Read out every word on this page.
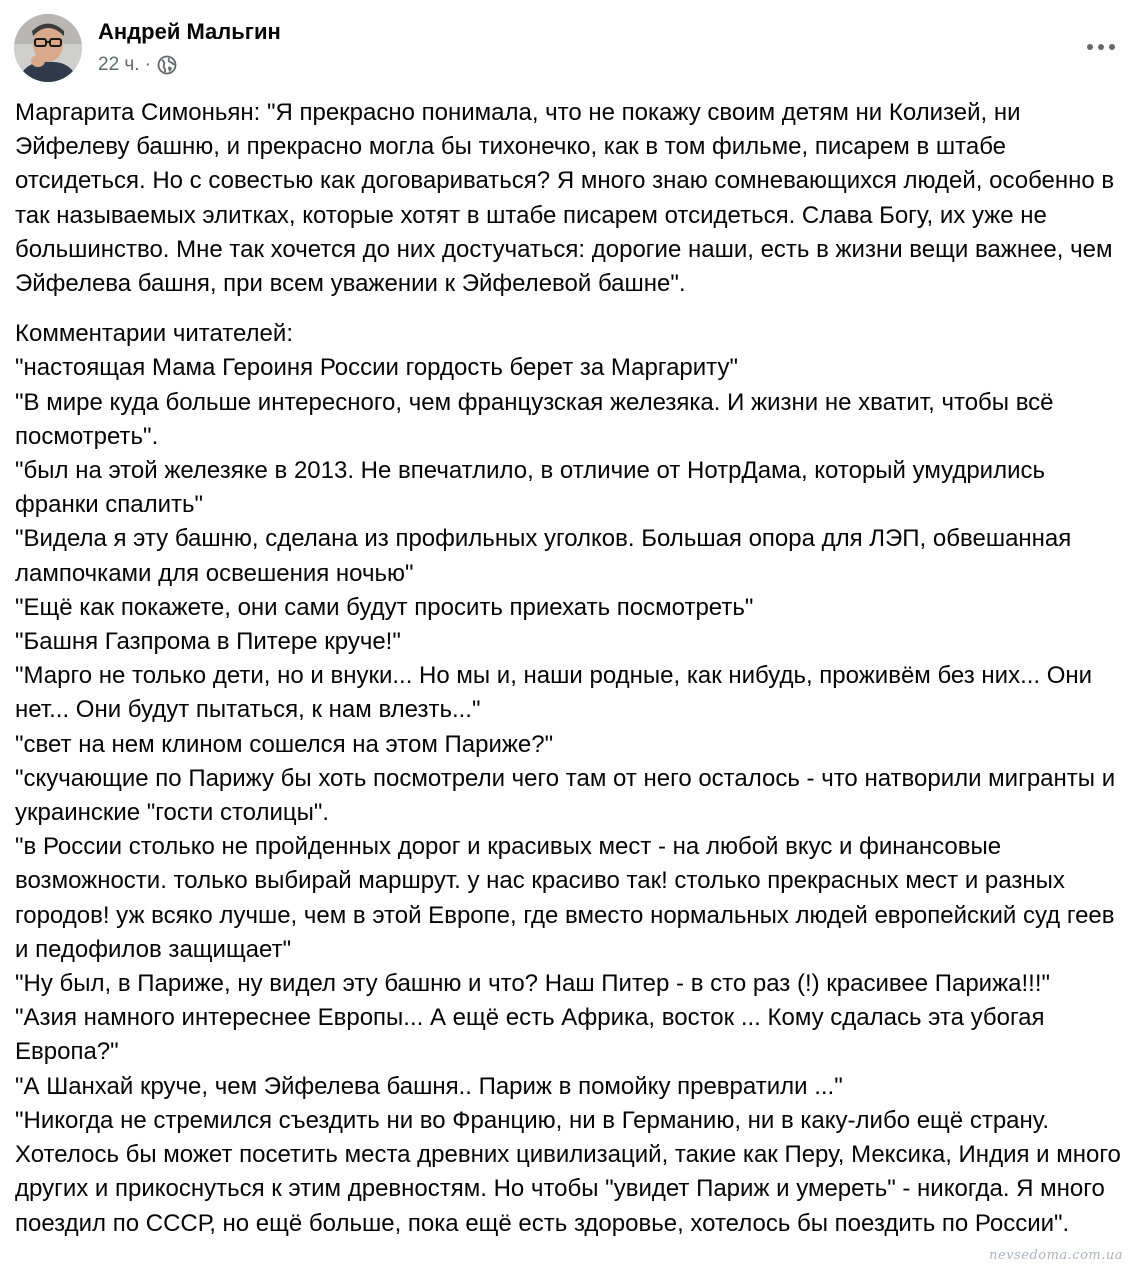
Андрей Мальгин
22 ч. ·

Маргарита Симоньян: "Я прекрасно понимала, что не покажу своим детям ни Колизей, ни Эйфелеву башню, и прекрасно могла бы тихонечко, как в том фильме, писарем в штабе отсидеться. Но с совестью как договариваться? Я много знаю сомневающихся людей, особенно в так называемых элитках, которые хотят в штабе писарем отсидеться. Слава Богу, их уже не большинство. Мне так хочется до них достучаться: дорогие наши, есть в жизни вещи важнее, чем Эйфелева башня, при всем уважении к Эйфелевой башне".

Комментарии читателей:

"настоящая Мама Героиня России гордость берет за Маргариту"

"В мире куда больше интересного, чем французская железяка. И жизни не хватит, чтобы всё посмотреть".

"был на этой железяке в 2013. Не впечатлило, в отличие от НотрДама, который умудрились франки спалить"

"Видела я эту башню, сделана из профильных уголков. Большая опора для ЛЭП, обвешанная лампочками для освешения ночью"

"Ещё как покажете, они сами будут просить приехать посмотреть"

"Башня Газпрома в Питере круче!"

"Марго не только дети, но и внуки... Но мы и, наши родные, как нибудь, проживём без них... Они нет... Они будут пытаться, к нам влезть..."

"свет на нем клином сошелся на этом Париже?"

"скучающие по Парижу бы хоть посмотрели чего там от него осталось - что натворили мигранты и украинские "гости столицы".

"в России столько не пройденных дорог и красивых мест - на любой вкус и финансовые возможности. только выбирай маршрут. у нас красиво так! столько прекрасных мест и разных городов! уж всяко лучше, чем в этой Европе, где вместо нормальных людей европейский суд геев и педофилов защищает"

"Ну был, в Париже, ну видел эту башню и что? Наш Питер - в сто раз (!) красивее Парижа!!!"

"Азия намного интереснее Европы... А ещё есть Африка, восток ... Кому сдалась эта убогая Европа?"

"А Шанхай круче, чем Эйфелева башня.. Париж в помойку превратили ..."

"Никогда не стремился съездить ни во Францию, ни в Германию, ни в каку-либо ещё страну. Хотелось бы может посетить места древних цивилизаций, такие как Перу, Мексика, Индия и много других и прикоснуться к этим древностям. Но чтобы "увидет Париж и умереть" - никогда. Я много поездил по СССР, но ещё больше, пока ещё есть здоровье, хотелось бы поездить по России".

nevsedoma.com.ua
